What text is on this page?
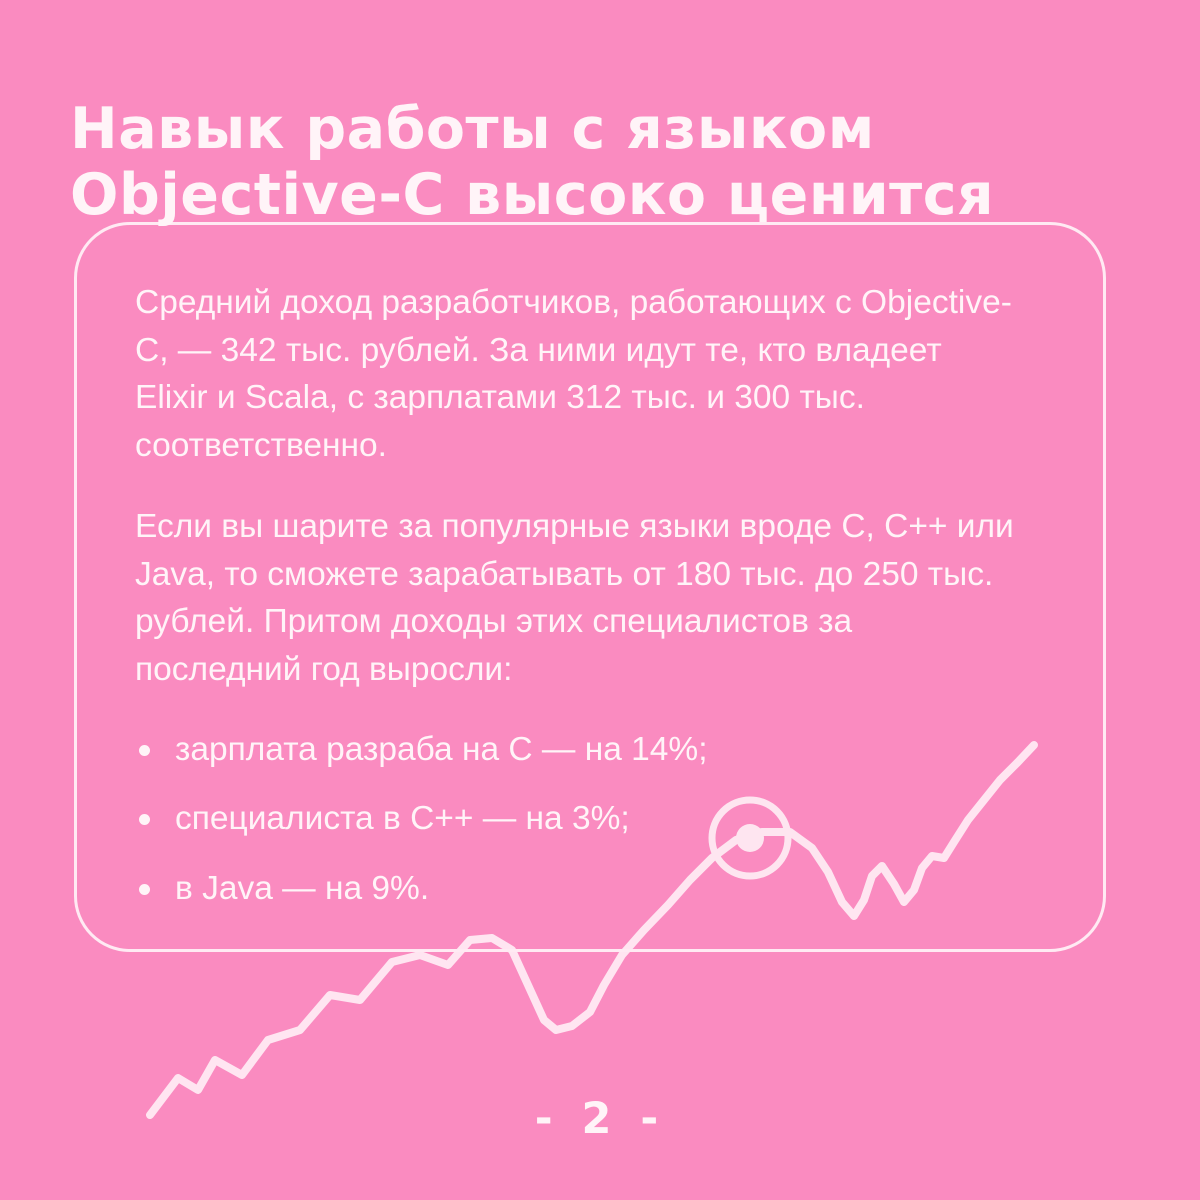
Навык работы с языком
Objective-C высоко ценится

Средний доход разработчиков, работающих с Objective-C, — 342 тыс. рублей. За ними идут те, кто владеет Elixir и Scala, с зарплатами 312 тыс. и 300 тыс. соответственно.

Если вы шарите за популярные языки вроде C, C++ или Java, то сможете зарабатывать от 180 тыс. до 250 тыс. рублей. Притом доходы этих специалистов за последний год выросли:

зарплата разраба на C — на 14%;
специалиста в C++ — на 3%;
в Java — на 9%.
- 2 -
